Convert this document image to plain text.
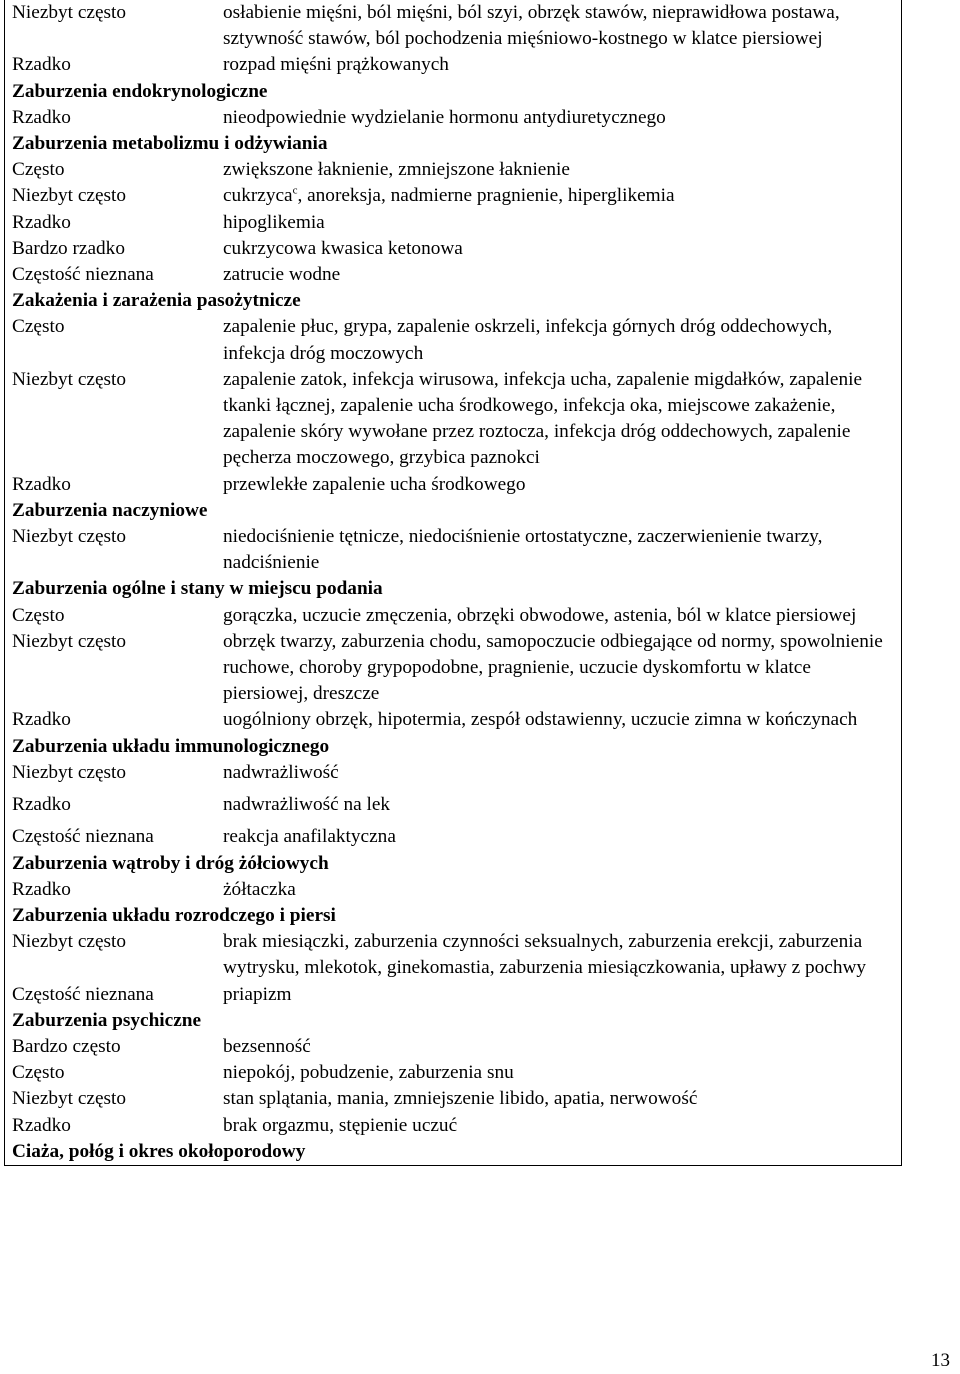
Niezbyt często	osłabienie mięśni, ból mięśni, ból szyi, obrzęk stawów, nieprawidłowa postawa, sztywność stawów, ból pochodzenia mięśniowo-kostnego w klatce piersiowej
Rzadko	rozpad mięśni prążkowanych
Zaburzenia endokrynologiczne
Rzadko	nieodpowiednie wydzielanie hormonu antydiuretycznego
Zaburzenia metabolizmu i odżywiania
Często	zwiększone łaknienie, zmniejszone łaknienie
Niezbyt często	cukrzyca$^c$, anoreksja, nadmierne pragnienie, hiperglikemia
Rzadko	hipoglikemia
Bardzo rzadko	cukrzycowa kwasica ketonowa
Częstość nieznana	zatrucie wodne
Zakażenia i zarażenia pasożytnicze
Często	zapalenie płuc, grypa, zapalenie oskrzeli, infekcja górnych dróg oddechowych, infekcja dróg moczowych
Niezbyt często	zapalenie zatok, infekcja wirusowa, infekcja ucha, zapalenie migdałków, zapalenie tkanki łącznej, zapalenie ucha środkowego, infekcja oka, miejscowe zakażenie, zapalenie skóry wywołane przez roztocza, infekcja dróg oddechowych, zapalenie pęcherza moczowego, grzybica paznokci
Rzadko	przewlekłe zapalenie ucha środkowego
Zaburzenia naczyniowe
Niezbyt często	niedociśnienie tętnicze, niedociśnienie ortostatyczne, zaczerwienienie twarzy, nadciśnienie
Zaburzenia ogólne i stany w miejscu podania
Często	gorączka, uczucie zmęczenia, obrzęki obwodowe, astenia, ból w klatce piersiowej
Niezbyt często	obrzęk twarzy, zaburzenia chodu, samopoczucie odbiegające od normy, spowolnienie ruchowe, choroby grypopodobne, pragnienie, uczucie dyskomfortu w klatce piersiowej, dreszcze
Rzadko	uogólniony obrzęk, hipotermia, zespół odstawienny, uczucie zimna w kończynach
Zaburzenia układu immunologicznego
Niezbyt często	nadwrażliwość
Rzadko	nadwrażliwość na lek
Częstość nieznana	reakcja anafilaktyczna
Zaburzenia wątroby i dróg żółciowych
Rzadko	żółtaczka
Zaburzenia układu rozrodczego i piersi
Niezbyt często	brak miesiączki, zaburzenia czynności seksualnych, zaburzenia erekcji, zaburzenia wytrysku, mlekotok, ginekomastia, zaburzenia miesiączkowania, upławy z pochwy
Częstość nieznana	priapizm
Zaburzenia psychiczne
Bardzo często	bezsenność
Często	niepokój, pobudzenie, zaburzenia snu
Niezbyt często	stan splątania, mania, zmniejszenie libido, apatia, nerwowość
Rzadko	brak orgazmu, stępienie uczuć
Ciaża, połóg i okres okołoporodowy
13
